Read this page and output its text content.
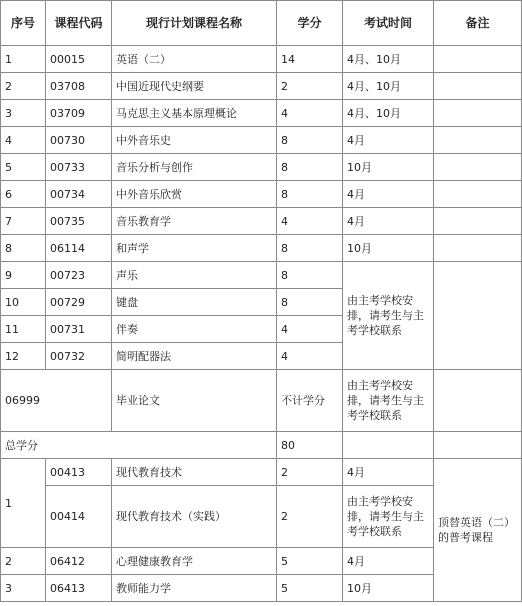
序号	课程代码	现行计划课程名称	学分	考试时间	备注
1	00015	英语（二）	14	4月、10月	
2	03708	中国近现代史纲要	2	4月、10月	
3	03709	马克思主义基本原理概论	4	4月、10月	
4	00730	中外音乐史	8	4月	
5	00733	音乐分析与创作	8	10月	
6	00734	中外音乐欣赏	8	4月	
7	00735	音乐教育学	4	4月	
8	06114	和声学	8	10月	
9	00723	声乐	8	由主考学校安排，请考生与主考学校联系	
10	00729	键盘	8		
11	00731	伴奏	4		
12	00732	简明配器法	4		
06999		毕业论文	不计学分	由主考学校安排，请考生与主考学校联系	
总学分			80		
1	00413	现代教育技术	2	4月	顶替英语（二）的普考课程
	00414	现代教育技术（实践）	2	由主考学校安排，请考生与主考学校联系	
2	06412	心理健康教育学	5	4月	
3	06413	教师能力学	5	10月	
